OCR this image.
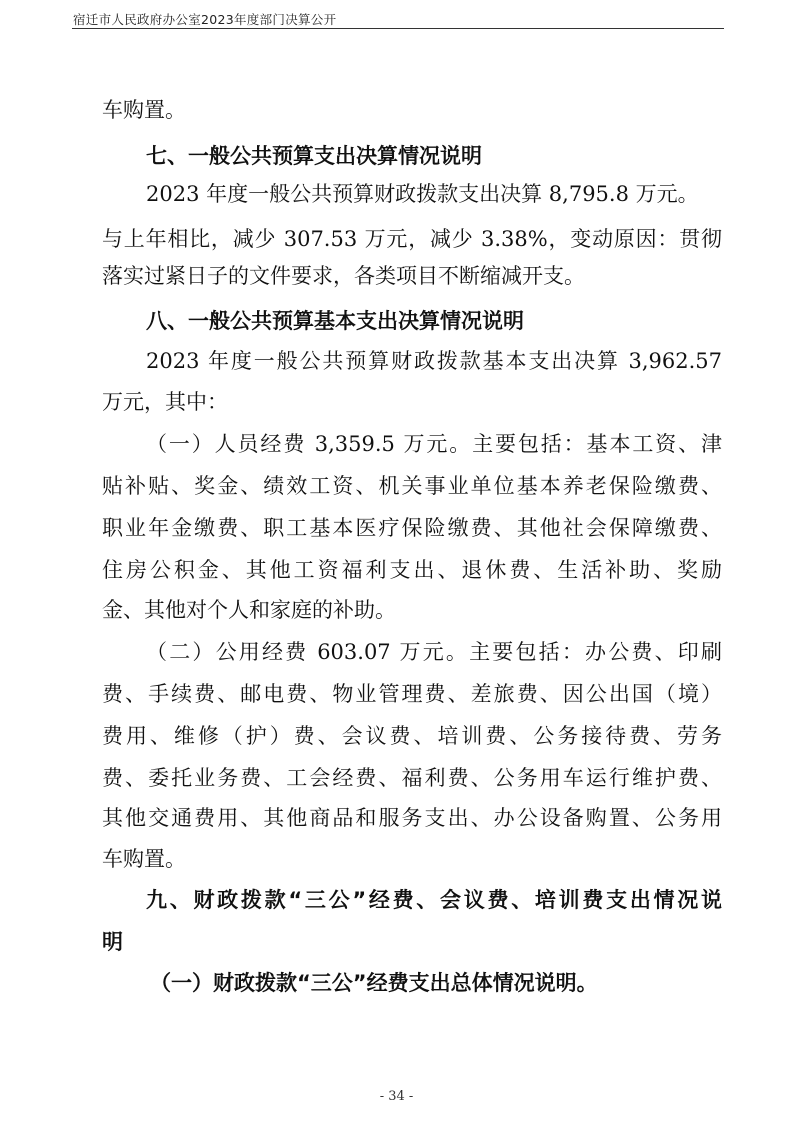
宿迁市人民政府办公室2023年度部门决算公开
车购置。
七、一般公共预算支出决算情况说明
2023 年度一般公共预算财政拨款支出决算 8,795.8 万元。
与上年相比，减少 307.53 万元，减少 3.38%，变动原因：贯彻
落实过紧日子的文件要求，各类项目不断缩减开支。
八、一般公共预算基本支出决算情况说明
2023 年度一般公共预算财政拨款基本支出决算 3,962.57
万元，其中：
（一）人员经费 3,359.5 万元。主要包括：基本工资、津
贴补贴、奖金、绩效工资、机关事业单位基本养老保险缴费、
职业年金缴费、职工基本医疗保险缴费、其他社会保障缴费、
住房公积金、其他工资福利支出、退休费、生活补助、奖励
金、其他对个人和家庭的补助。
（二）公用经费 603.07 万元。主要包括：办公费、印刷
费、手续费、邮电费、物业管理费、差旅费、因公出国（境）
费用、维修（护）费、会议费、培训费、公务接待费、劳务
费、委托业务费、工会经费、福利费、公务用车运行维护费、
其他交通费用、其他商品和服务支出、办公设备购置、公务用
车购置。
九、财政拨款“三公”经费、会议费、培训费支出情况说
明
（一）财政拨款“三公”经费支出总体情况说明。
- 34 -
